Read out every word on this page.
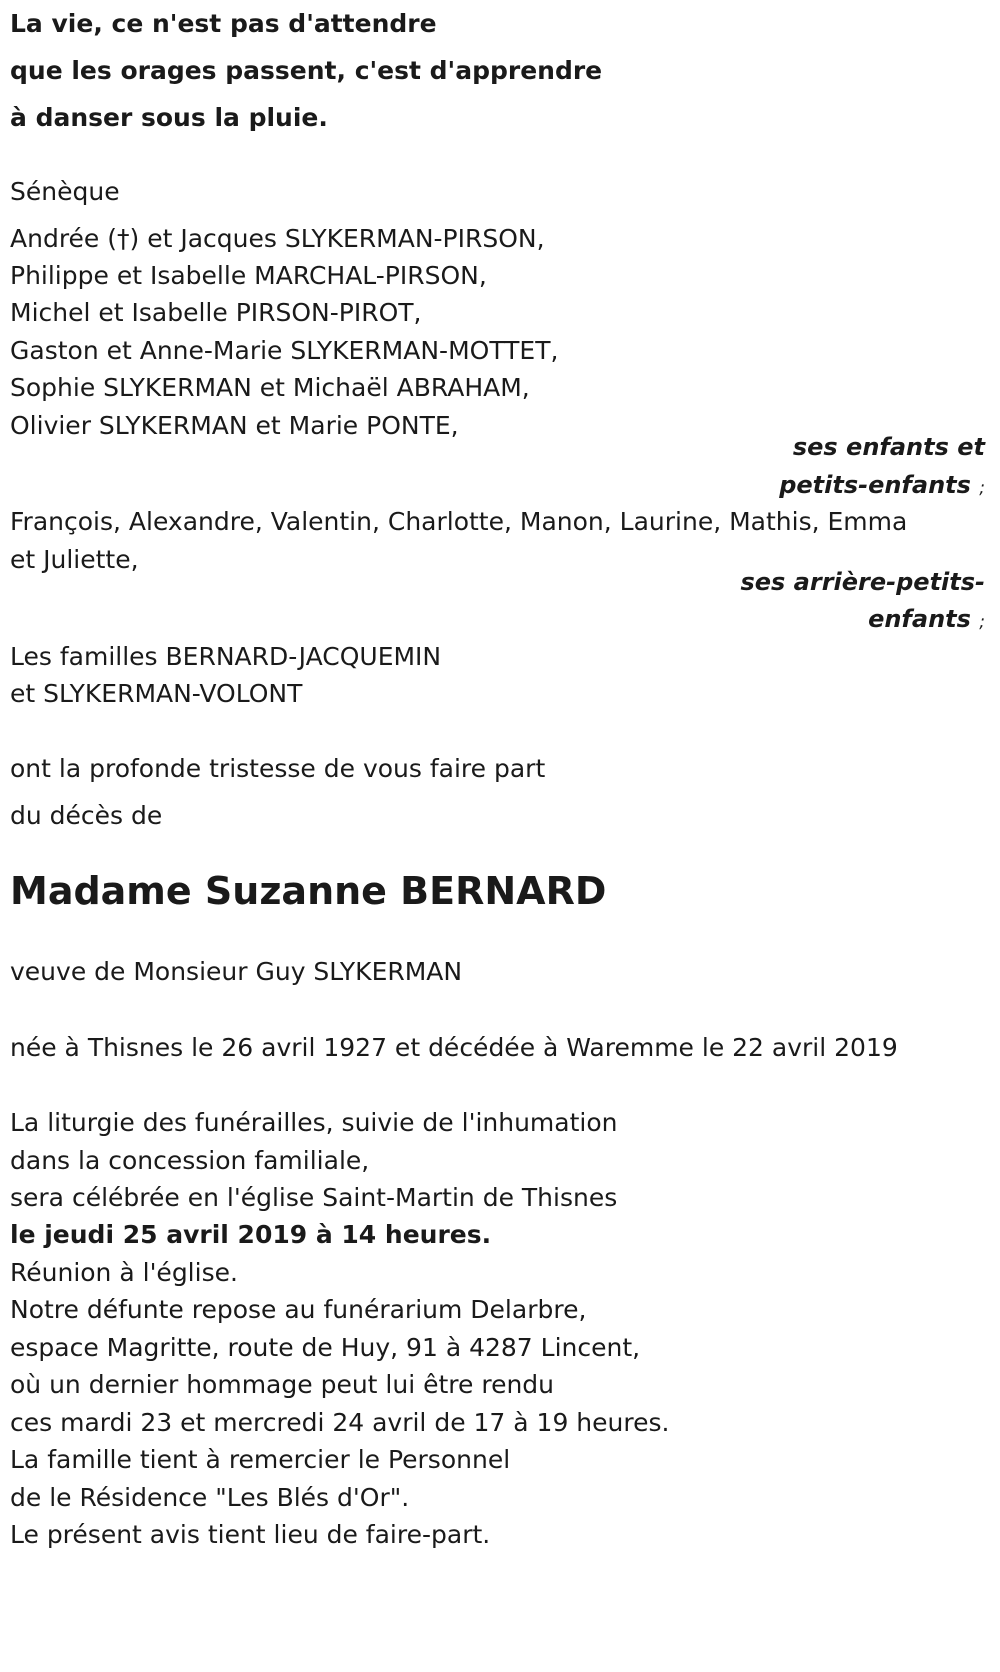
La vie, ce n'est pas d'attendre
que les orages passent, c'est d'apprendre
à danser sous la pluie.
Sénèque
Andrée (†) et Jacques SLYKERMAN-PIRSON,
Philippe et Isabelle MARCHAL-PIRSON,
Michel et Isabelle PIRSON-PIROT,
Gaston et Anne-Marie SLYKERMAN-MOTTET,
Sophie SLYKERMAN et Michaël ABRAHAM,
Olivier SLYKERMAN et Marie PONTE,
ses enfants et
petits-enfants ;
François, Alexandre, Valentin, Charlotte, Manon, Laurine, Mathis, Emma
et Juliette,
ses arrière-petits-
enfants ;
Les familles BERNARD-JACQUEMIN
et SLYKERMAN-VOLONT
ont la profonde tristesse de vous faire part
du décès de
Madame Suzanne BERNARD
veuve de Monsieur Guy SLYKERMAN
née à Thisnes le 26 avril 1927 et décédée à Waremme le 22 avril 2019
La liturgie des funérailles, suivie de l'inhumation
dans la concession familiale,
sera célébrée en l'église Saint-Martin de Thisnes
le jeudi 25 avril 2019 à 14 heures.
Réunion à l'église.
Notre défunte repose au funérarium Delarbre,
espace Magritte, route de Huy, 91 à 4287 Lincent,
où un dernier hommage peut lui être rendu
ces mardi 23 et mercredi 24 avril de 17 à 19 heures.
La famille tient à remercier le Personnel
de le Résidence "Les Blés d'Or".
Le présent avis tient lieu de faire-part.
